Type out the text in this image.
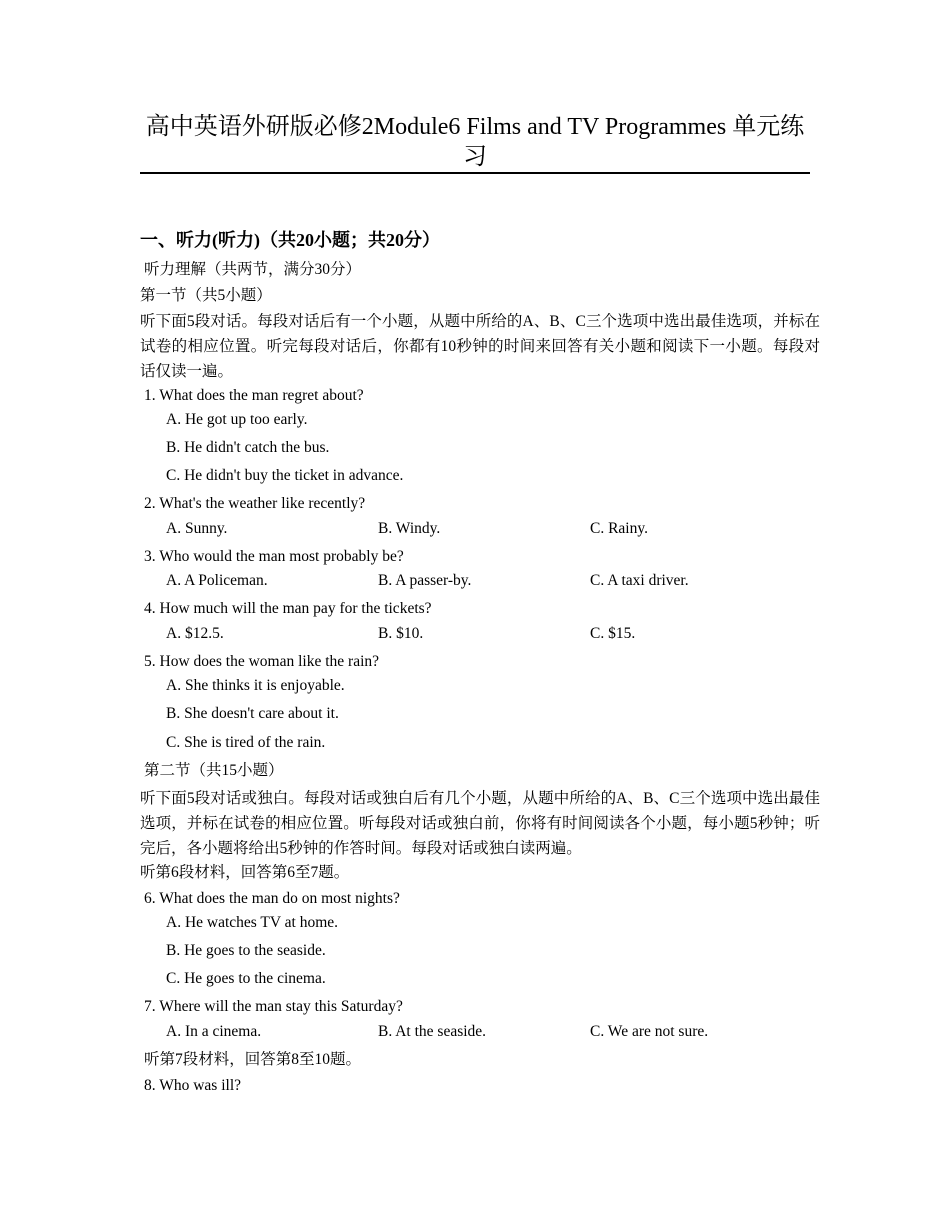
高中英语外研版必修2Module6 Films and TV Programmes 单元练习
一、听力(听力)（共20小题；共20分）
听力理解（共两节，满分30分）
第一节（共5小题）
听下面5段对话。每段对话后有一个小题，从题中所给的A、B、C三个选项中选出最佳选项，并标在试卷的相应位置。听完每段对话后，你都有10秒钟的时间来回答有关小题和阅读下一小题。每段对话仅读一遍。
1. What does the man regret about?
A. He got up too early.
B. He didn't catch the bus.
C. He didn't buy the ticket in advance.
2. What's the weather like recently?
A. Sunny.	B. Windy.	C. Rainy.
3. Who would the man most probably be?
A. A Policeman.	B. A passer-by.	C. A taxi driver.
4. How much will the man pay for the tickets?
A. $12.5.	B. $10.	C. $15.
5. How does the woman like the rain?
A. She thinks it is enjoyable.
B. She doesn't care about it.
C. She is tired of the rain.
第二节（共15小题）
听下面5段对话或独白。每段对话或独白后有几个小题，从题中所给的A、B、C三个选项中选出最佳选项，并标在试卷的相应位置。听每段对话或独白前，你将有时间阅读各个小题，每小题5秒钟；听完后，各小题将给出5秒钟的作答时间。每段对话或独白读两遍。
听第6段材料，回答第6至7题。
6. What does the man do on most nights?
A. He watches TV at home.
B. He goes to the seaside.
C. He goes to the cinema.
7. Where will the man stay this Saturday?
A. In a cinema.	B. At the seaside.	C. We are not sure.
听第7段材料，回答第8至10题。
8. Who was ill?
